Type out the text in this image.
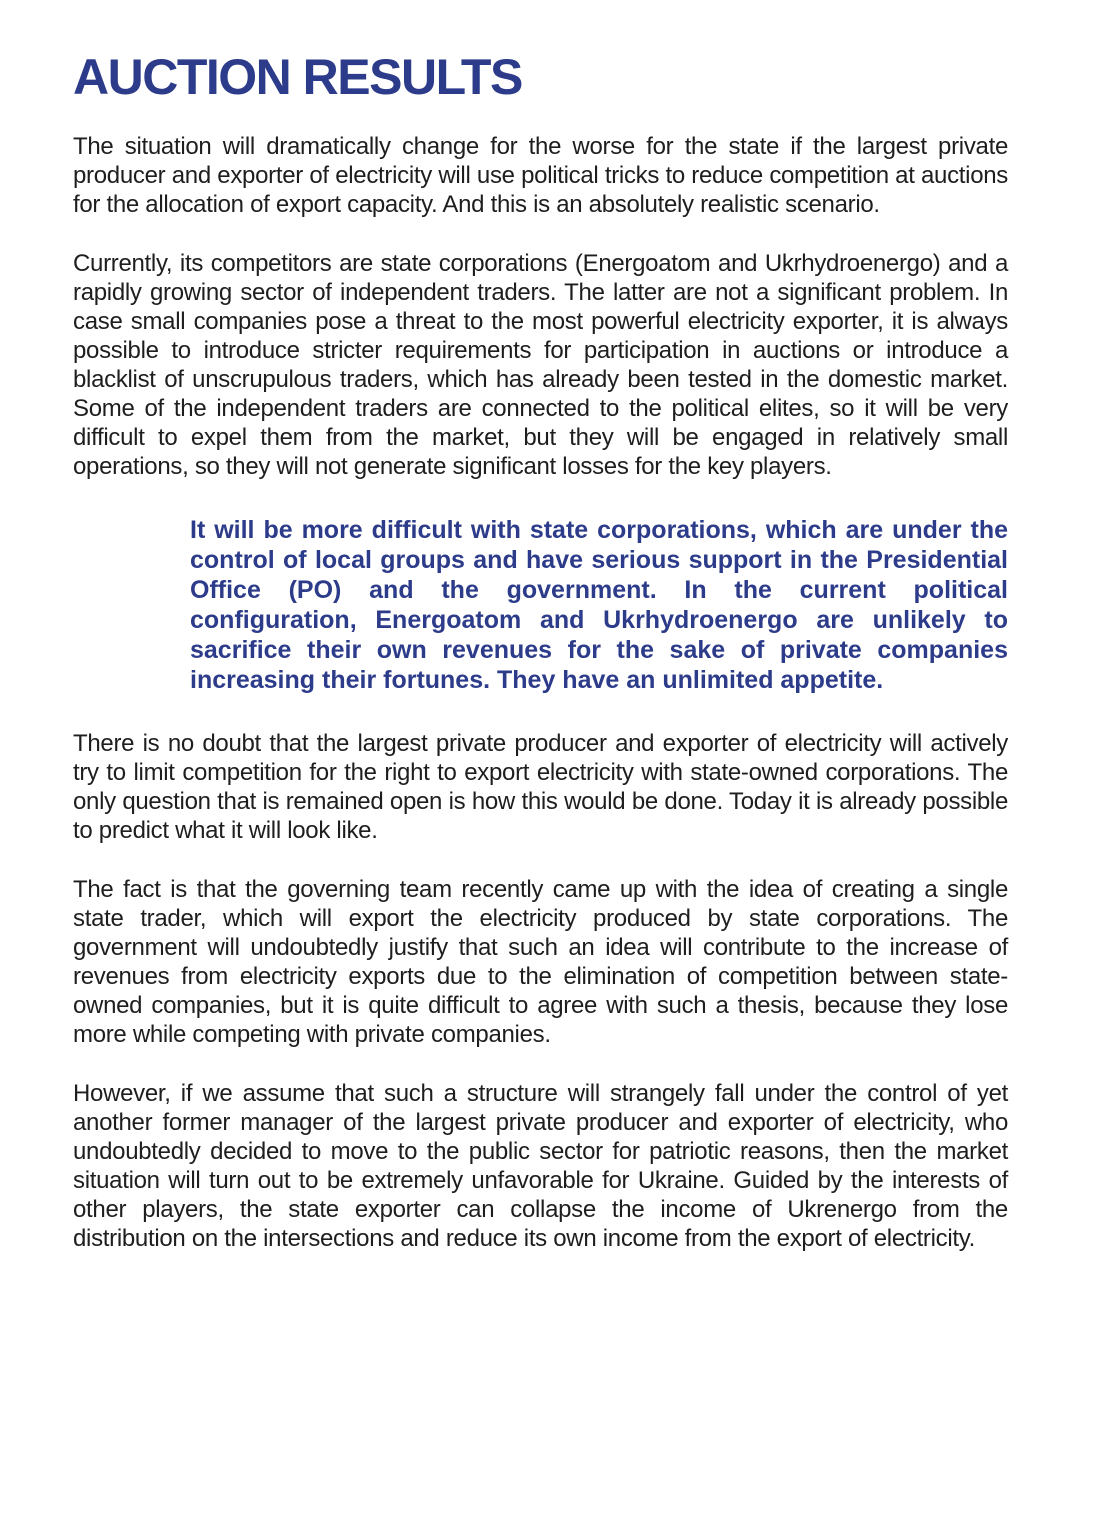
AUCTION RESULTS

The situation will dramatically change for the worse for the state if the largest private producer and exporter of electricity will use political tricks to reduce competition at auctions for the allocation of export capacity. And this is an absolutely realistic scenario.

Currently, its competitors are state corporations (Energoatom and Ukrhydroenergo) and a rapidly growing sector of independent traders. The latter are not a significant problem. In case small companies pose a threat to the most powerful electricity exporter, it is always possible to introduce stricter requirements for participation in auctions or introduce a blacklist of unscrupulous traders, which has already been tested in the domestic market. Some of the independent traders are connected to the political elites, so it will be very difficult to expel them from the market, but they will be engaged in relatively small operations, so they will not generate significant losses for the key players.

It will be more difficult with state corporations, which are under the control of local groups and have serious support in the Presidential Office (PO) and the government. In the current political configuration, Energoatom and Ukrhydroenergo are unlikely to sacrifice their own revenues for the sake of private companies increasing their fortunes. They have an unlimited appetite.

There is no doubt that the largest private producer and exporter of electricity will actively try to limit competition for the right to export electricity with state-owned corporations. The only question that is remained open is how this would be done. Today it is already possible to predict what it will look like.

The fact is that the governing team recently came up with the idea of creating a single state trader, which will export the electricity produced by state corporations. The government will undoubtedly justify that such an idea will contribute to the increase of revenues from electricity exports due to the elimination of competition between state-owned companies, but it is quite difficult to agree with such a thesis, because they lose more while competing with private companies.

However, if we assume that such a structure will strangely fall under the control of yet another former manager of the largest private producer and exporter of electricity, who undoubtedly decided to move to the public sector for patriotic reasons, then the market situation will turn out to be extremely unfavorable for Ukraine. Guided by the interests of other players, the state exporter can collapse the income of Ukrenergo from the distribution on the intersections and reduce its own income from the export of electricity.
